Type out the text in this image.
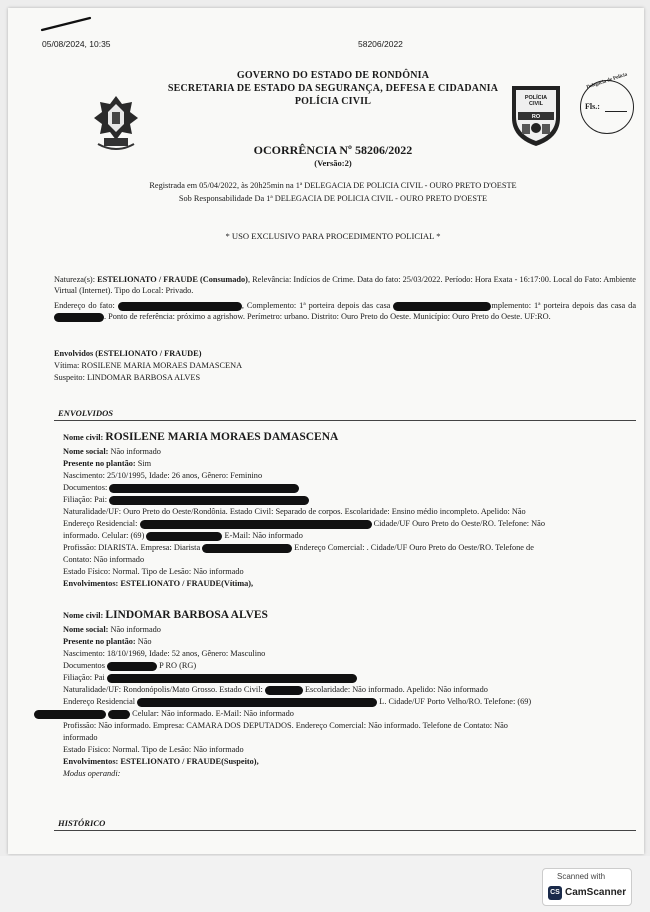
05/08/2024, 10:35	58206/2022
GOVERNO DO ESTADO DE RONDÔNIA
SECRETARIA DE ESTADO DA SEGURANÇA, DEFESA E CIDADANIA
POLÍCIA CIVIL	POLÍCIA CIVIL
RO
Delegacia de Polícia
Fls.:
OCORRÊNCIA Nº 58206/2022
(Versão:2)
Registrada em 05/04/2022, às 20h25min na 1ª DELEGACIA DE POLICIA CIVIL - OURO PRETO D'OESTE
Sob Responsabilidade Da 1ª DELEGACIA DE POLICIA CIVIL - OURO PRETO D'OESTE
* USO EXCLUSIVO PARA PROCEDIMENTO POLICIAL *
Natureza(s): ESTELIONATO / FRAUDE (Consumado), Relevância: Indícios de Crime. Data do fato: 25/03/2022. Período: Hora Exata - 16:17:00. Local do Fato: Ambiente Virtual (Internet). Tipo do Local: Privado.
Endereço do fato:	, Complemento: 1ª porteira depois das casa	mplemento: 1ª porteira depois das casa da . Ponto de referência: próximo a agrishow. Perímetro: urbano. Distrito: Ouro Preto do Oeste. Município: Ouro Preto do Oeste. UF:RO.
Envolvidos (ESTELIONATO / FRAUDE)
Vítima: ROSILENE MARIA MORAES DAMASCENA
Suspeito: LINDOMAR BARBOSA ALVES
ENVOLVIDOS
Nome civil: ROSILENE MARIA MORAES DAMASCENA
Nome social: Não informado
Presente no plantão: Sim
Nascimento: 25/10/1995, Idade: 26 anos, Gênero: Feminino
Documentos:
Filiação: Pai:
Naturalidade/UF: Ouro Preto do Oeste/Rondônia. Estado Civil: Separado de corpos. Escolaridade: Ensino médio incompleto. Apelido: Não
Endereço Residencial:	Cidade/UF Ouro Preto do Oeste/RO. Telefone: Não
informado. Celular: (69)	E-Mail: Não informado
Profissão: DIARISTA. Empresa: Diarista	Endereço Comercial: . Cidade/UF Ouro Preto do Oeste/RO. Telefone de
Contato: Não informado
Estado Físico: Normal. Tipo de Lesão: Não informado
Envolvimentos: ESTELIONATO / FRAUDE(Vítima),
Nome civil: LINDOMAR BARBOSA ALVES
Nome social: Não informado
Presente no plantão: Não
Nascimento: 18/10/1969, Idade: 52 anos, Gênero: Masculino
Documentos	P RO (RG)
Filiação: Pai
Naturalidade/UF: Rondonópolis/Mato Grosso. Estado Civil:	Escolaridade: Não informado. Apelido: Não informado
Endereço Residencial	L. Cidade/UF Porto Velho/RO. Telefone: (69)
Celular: Não informado. E-Mail: Não informado
Profissão: Não informado. Empresa: CAMARA DOS DEPUTADOS. Endereço Comercial: Não informado. Telefone de Contato: Não
informado
Estado Físico: Normal. Tipo de Lesão: Não informado
Envolvimentos: ESTELIONATO / FRAUDE(Suspeito),
Modus operandi:
HISTÓRICO
Scanned with
CS CamScanner
